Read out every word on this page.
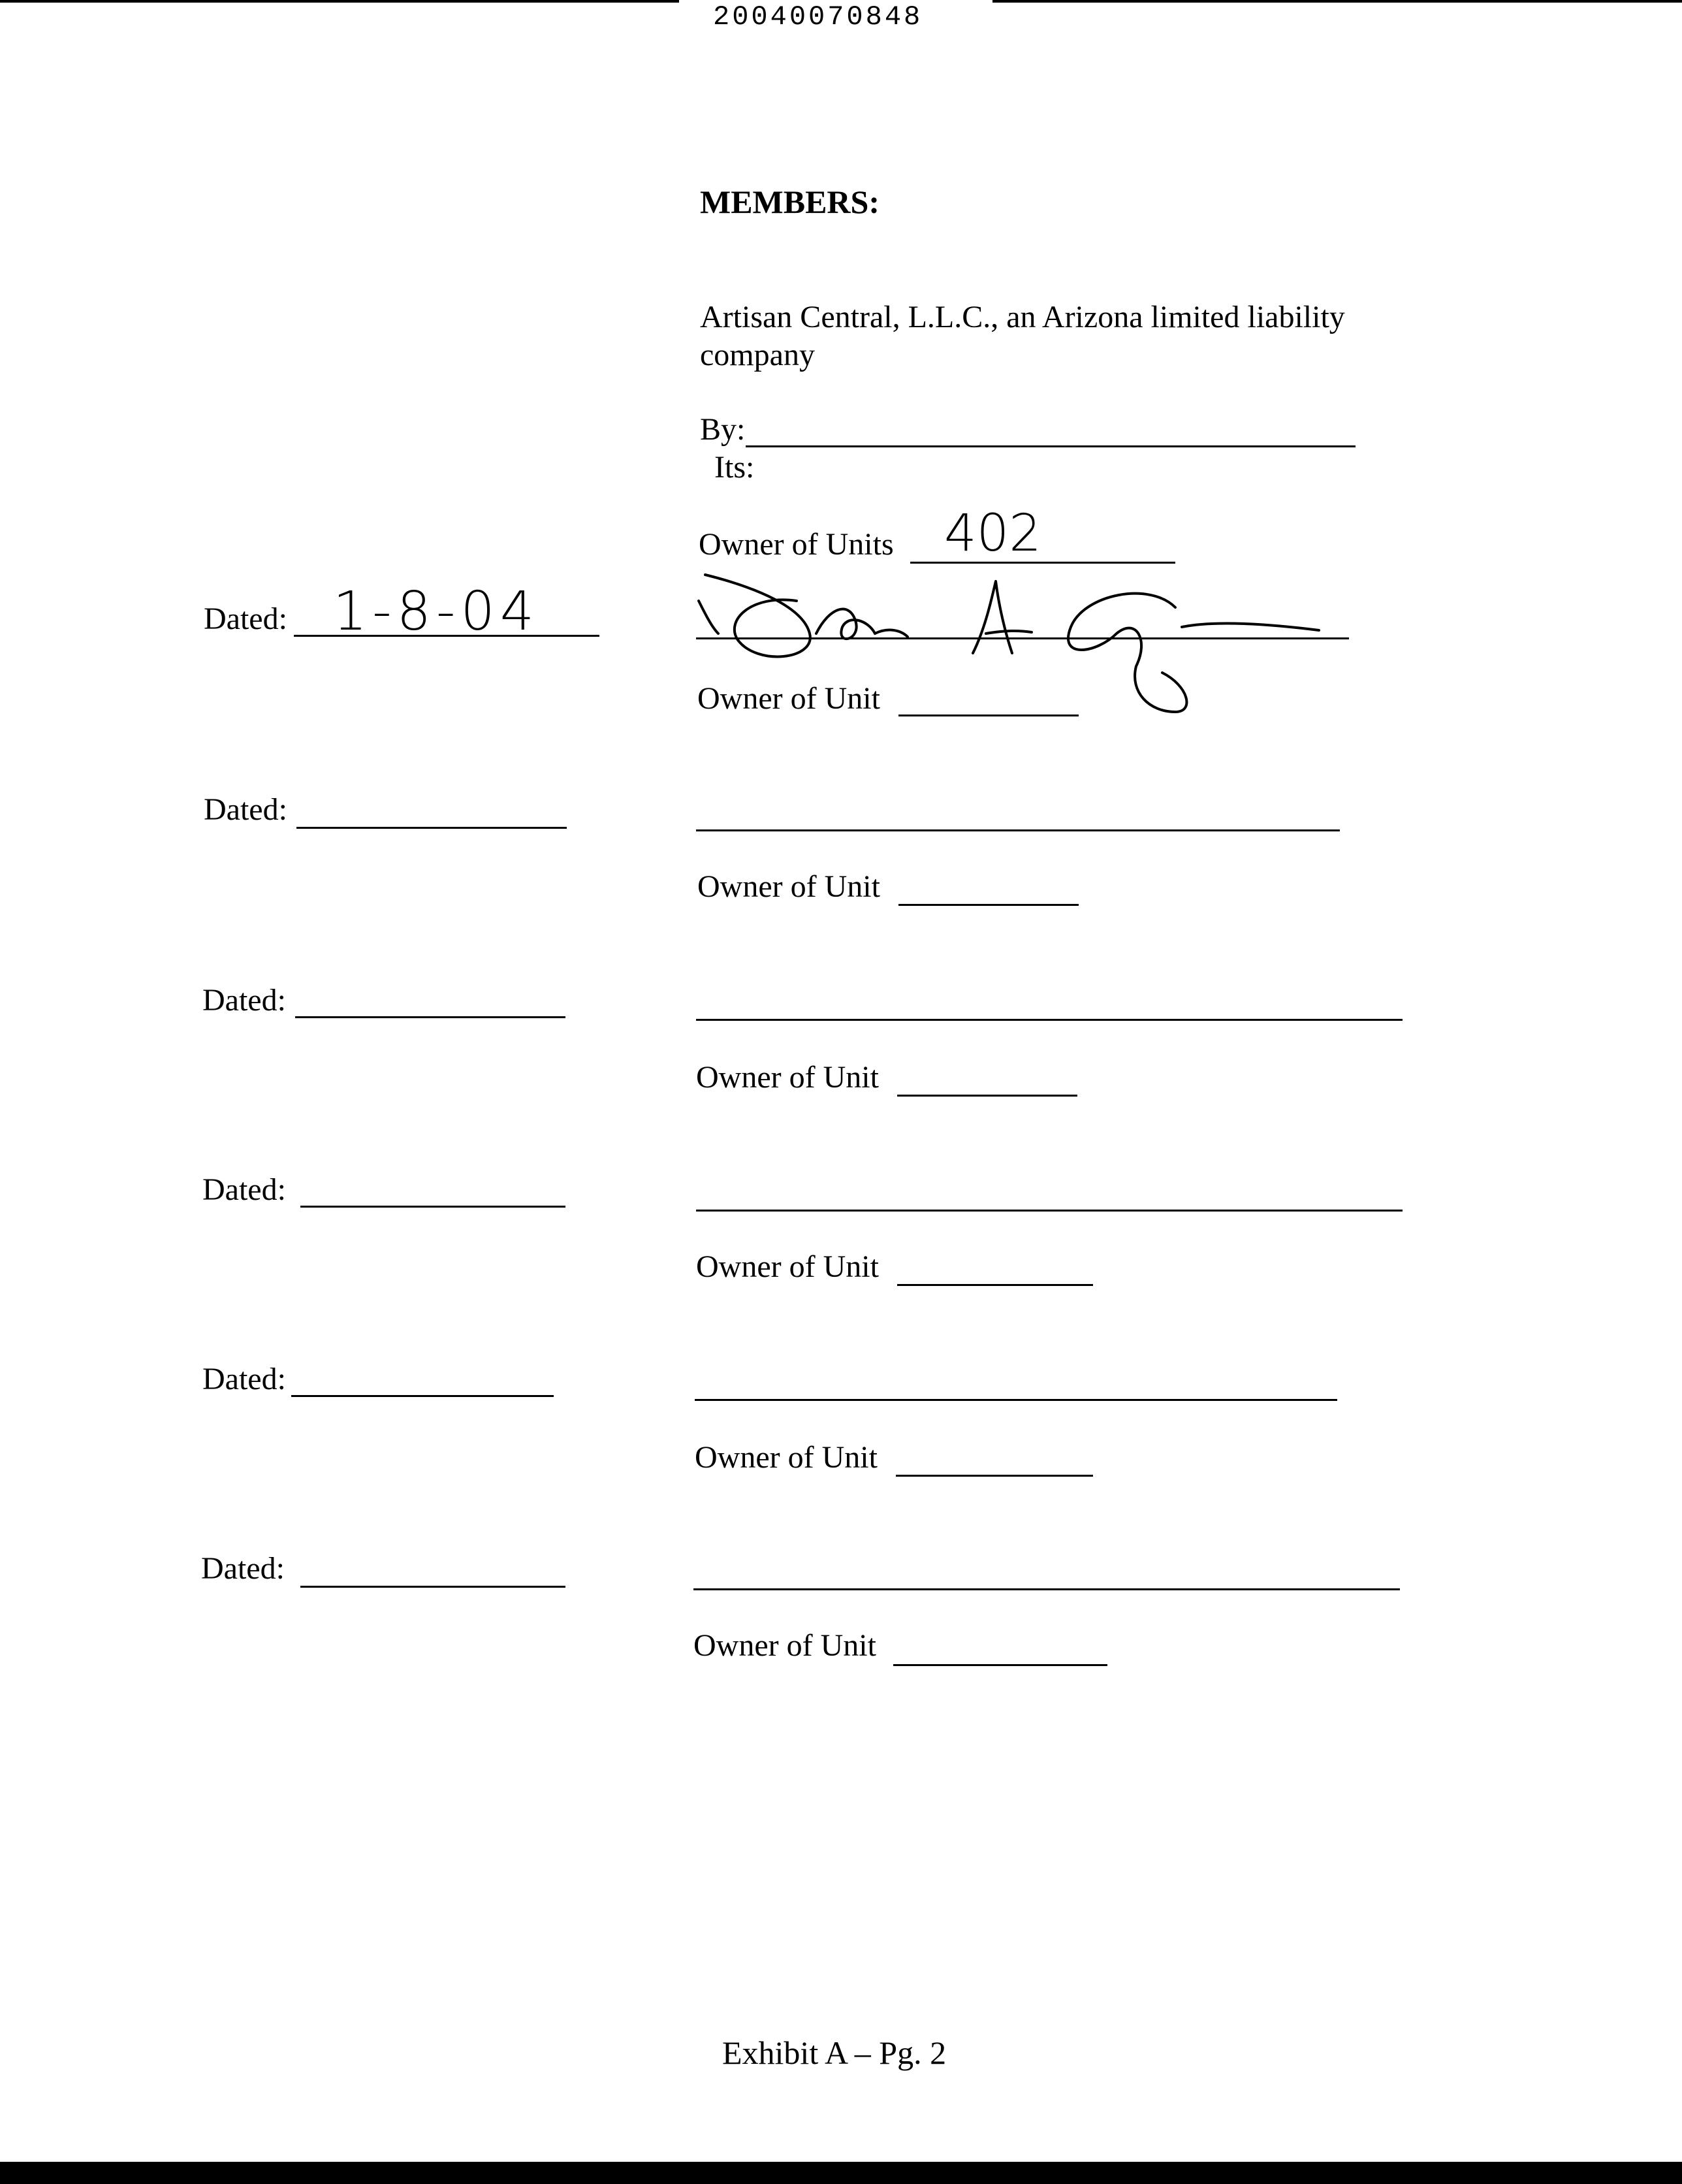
20040070848
MEMBERS:
Artisan Central, L.L.C., an Arizona limited liability
company
By:
Its:
Owner of Units 402
Dated: 1-8-04
Owner of Unit
Dated:
Owner of Unit
Dated:
Owner of Unit
Dated:
Owner of Unit
Dated:
Owner of Unit
Dated:
Owner of Unit
Exhibit A – Pg. 2
